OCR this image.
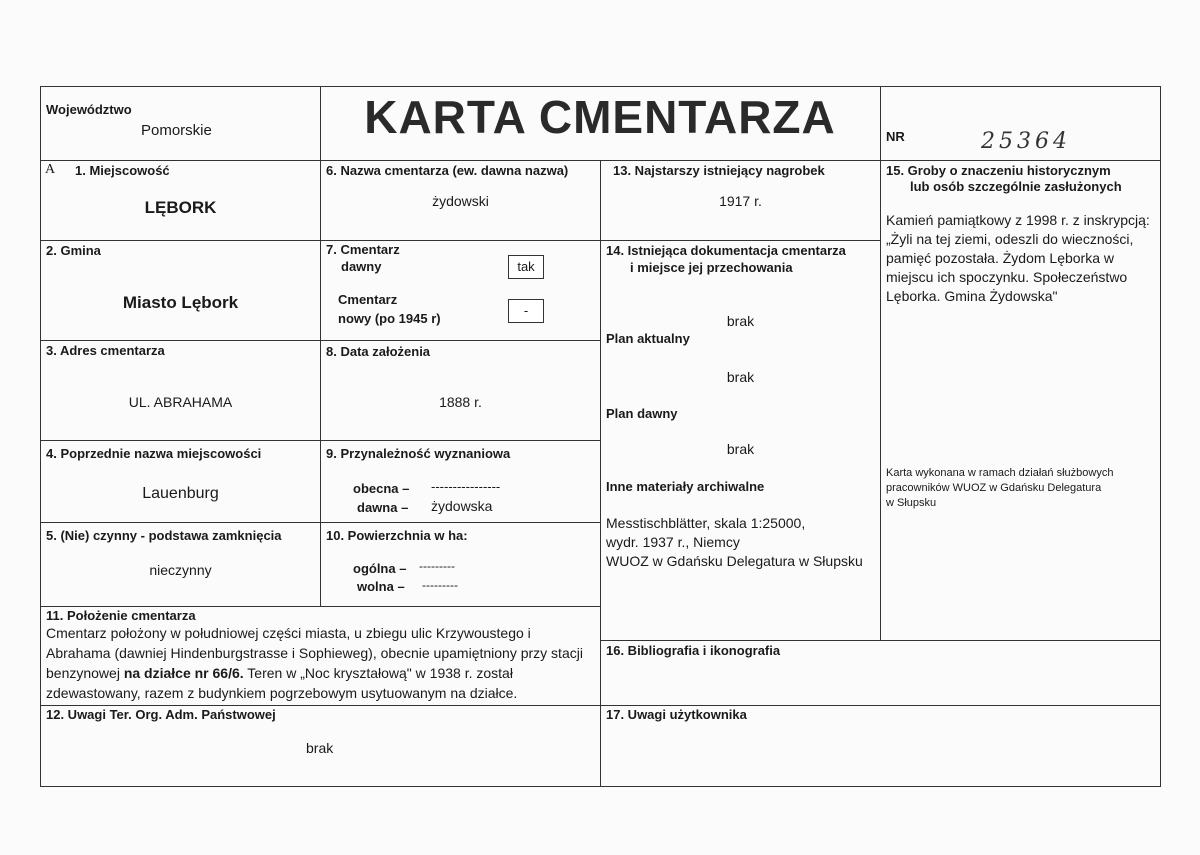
Województwo
Pomorskie	KARTA CMENTARZA	NR	25364
A 1. Miejscowość
LĘBORK
2. Gmina
Miasto Lębork
3. Adres cmentarza
UL. ABRAHAMA
4. Poprzednie nazwa miejscowości
Lauenburg
5. (Nie) czynny - podstawa zamknięcia
nieczynny
6. Nazwa cmentarza (ew. dawna nazwa)
żydowski
7. Cmentarz
dawny	tak
Cmentarz
nowy (po 1945 r)
-
8. Data założenia
1888 r.
9. Przynależność wyznaniowa
obecna – ----------------
dawna – żydowska
10. Powierzchnia w ha:
ogólna – ---------
wolna – ---------
11. Położenie cmentarza
Cmentarz położony w południowej części miasta, u zbiegu ulic Krzywoustego i
Abrahama (dawniej Hindenburgstrasse i Sophieweg), obecnie upamiętniony przy stacji
benzynowej na działce nr 66/6. Teren w „Noc kryształową" w 1938 r. został
zdewastowany, razem z budynkiem pogrzebowym usytuowanym na działce.
12. Uwagi Ter. Org. Adm. Państwowej
brak
13. Najstarszy istniejący nagrobek
1917 r.
14. Istniejąca dokumentacja cmentarza
i miejsce jej przechowania
brak
Plan aktualny
brak
Plan dawny
brak
Inne materiały archiwalne
Messtischblätter, skala 1:25000,
wydr. 1937 r., Niemcy
WUOZ w Gdańsku Delegatura w Słupsku
15. Groby o znaczeniu historycznym
lub osób szczególnie zasłużonych
Kamień pamiątkowy z 1998 r. z inskrypcją:
„Żyli na tej ziemi, odeszli do wieczności,
pamięć pozostała. Żydom Lęborka w
miejscu ich spoczynku. Społeczeństwo
Lęborka. Gmina Żydowska"
Karta wykonana w ramach działań służbowych
pracowników WUOZ w Gdańsku Delegatura
w Słupsku
16. Bibliografia i ikonografia
17. Uwagi użytkownika
